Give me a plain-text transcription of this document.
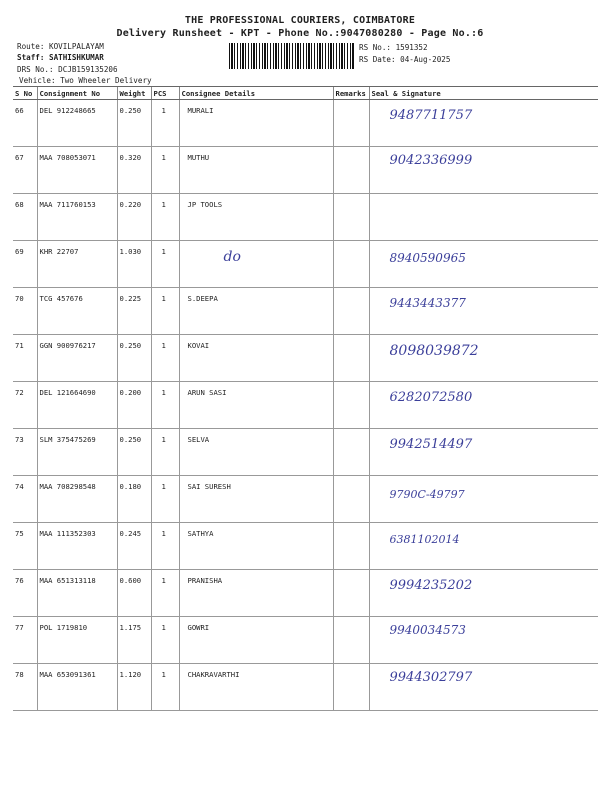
THE PROFESSIONAL COURIERS, COIMBATORE
Delivery Runsheet - KPT - Phone No.:9047080280 - Page No.:6
Route: KOVILPALAYAM
Staff: SATHISHKUMAR
DRS No.: DCJB159135206
Vehicle: Two Wheeler Delivery
RS No.: 1591352
RS Date: 04-Aug-2025
S No	Consignment No	Weight	PCS	Consignee Details	Remarks	Seal & Signature
66	DEL 912248665	0.250	1	MURALI		9487711757

67	MAA 708053071	0.320	1	MUTHU		9042336999

68	MAA 711760153	0.220	1	JP TOOLS		

69	KHR 22707	1.030	1		do	8940590965

70	TCG 457676	0.225	1	S.DEEPA		9443443377

71	GGN 900976217	0.250	1	KOVAI		8098039872

72	DEL 121664690	0.200	1	ARUN SASI		6282072580

73	SLM 375475269	0.250	1	SELVA		9942514497

74	MAA 708298548	0.180	1	SAI SURESH		9790C-49797

75	MAA 111352303	0.245	1	SATHYA		6381102014

76	MAA 651313118	0.600	1	PRANISHA		9994235202

77	POL 1719810	1.175	1	GOWRI		9940034573

78	MAA 653091361	1.120	1	CHAKRAVARTHI		9944302797
